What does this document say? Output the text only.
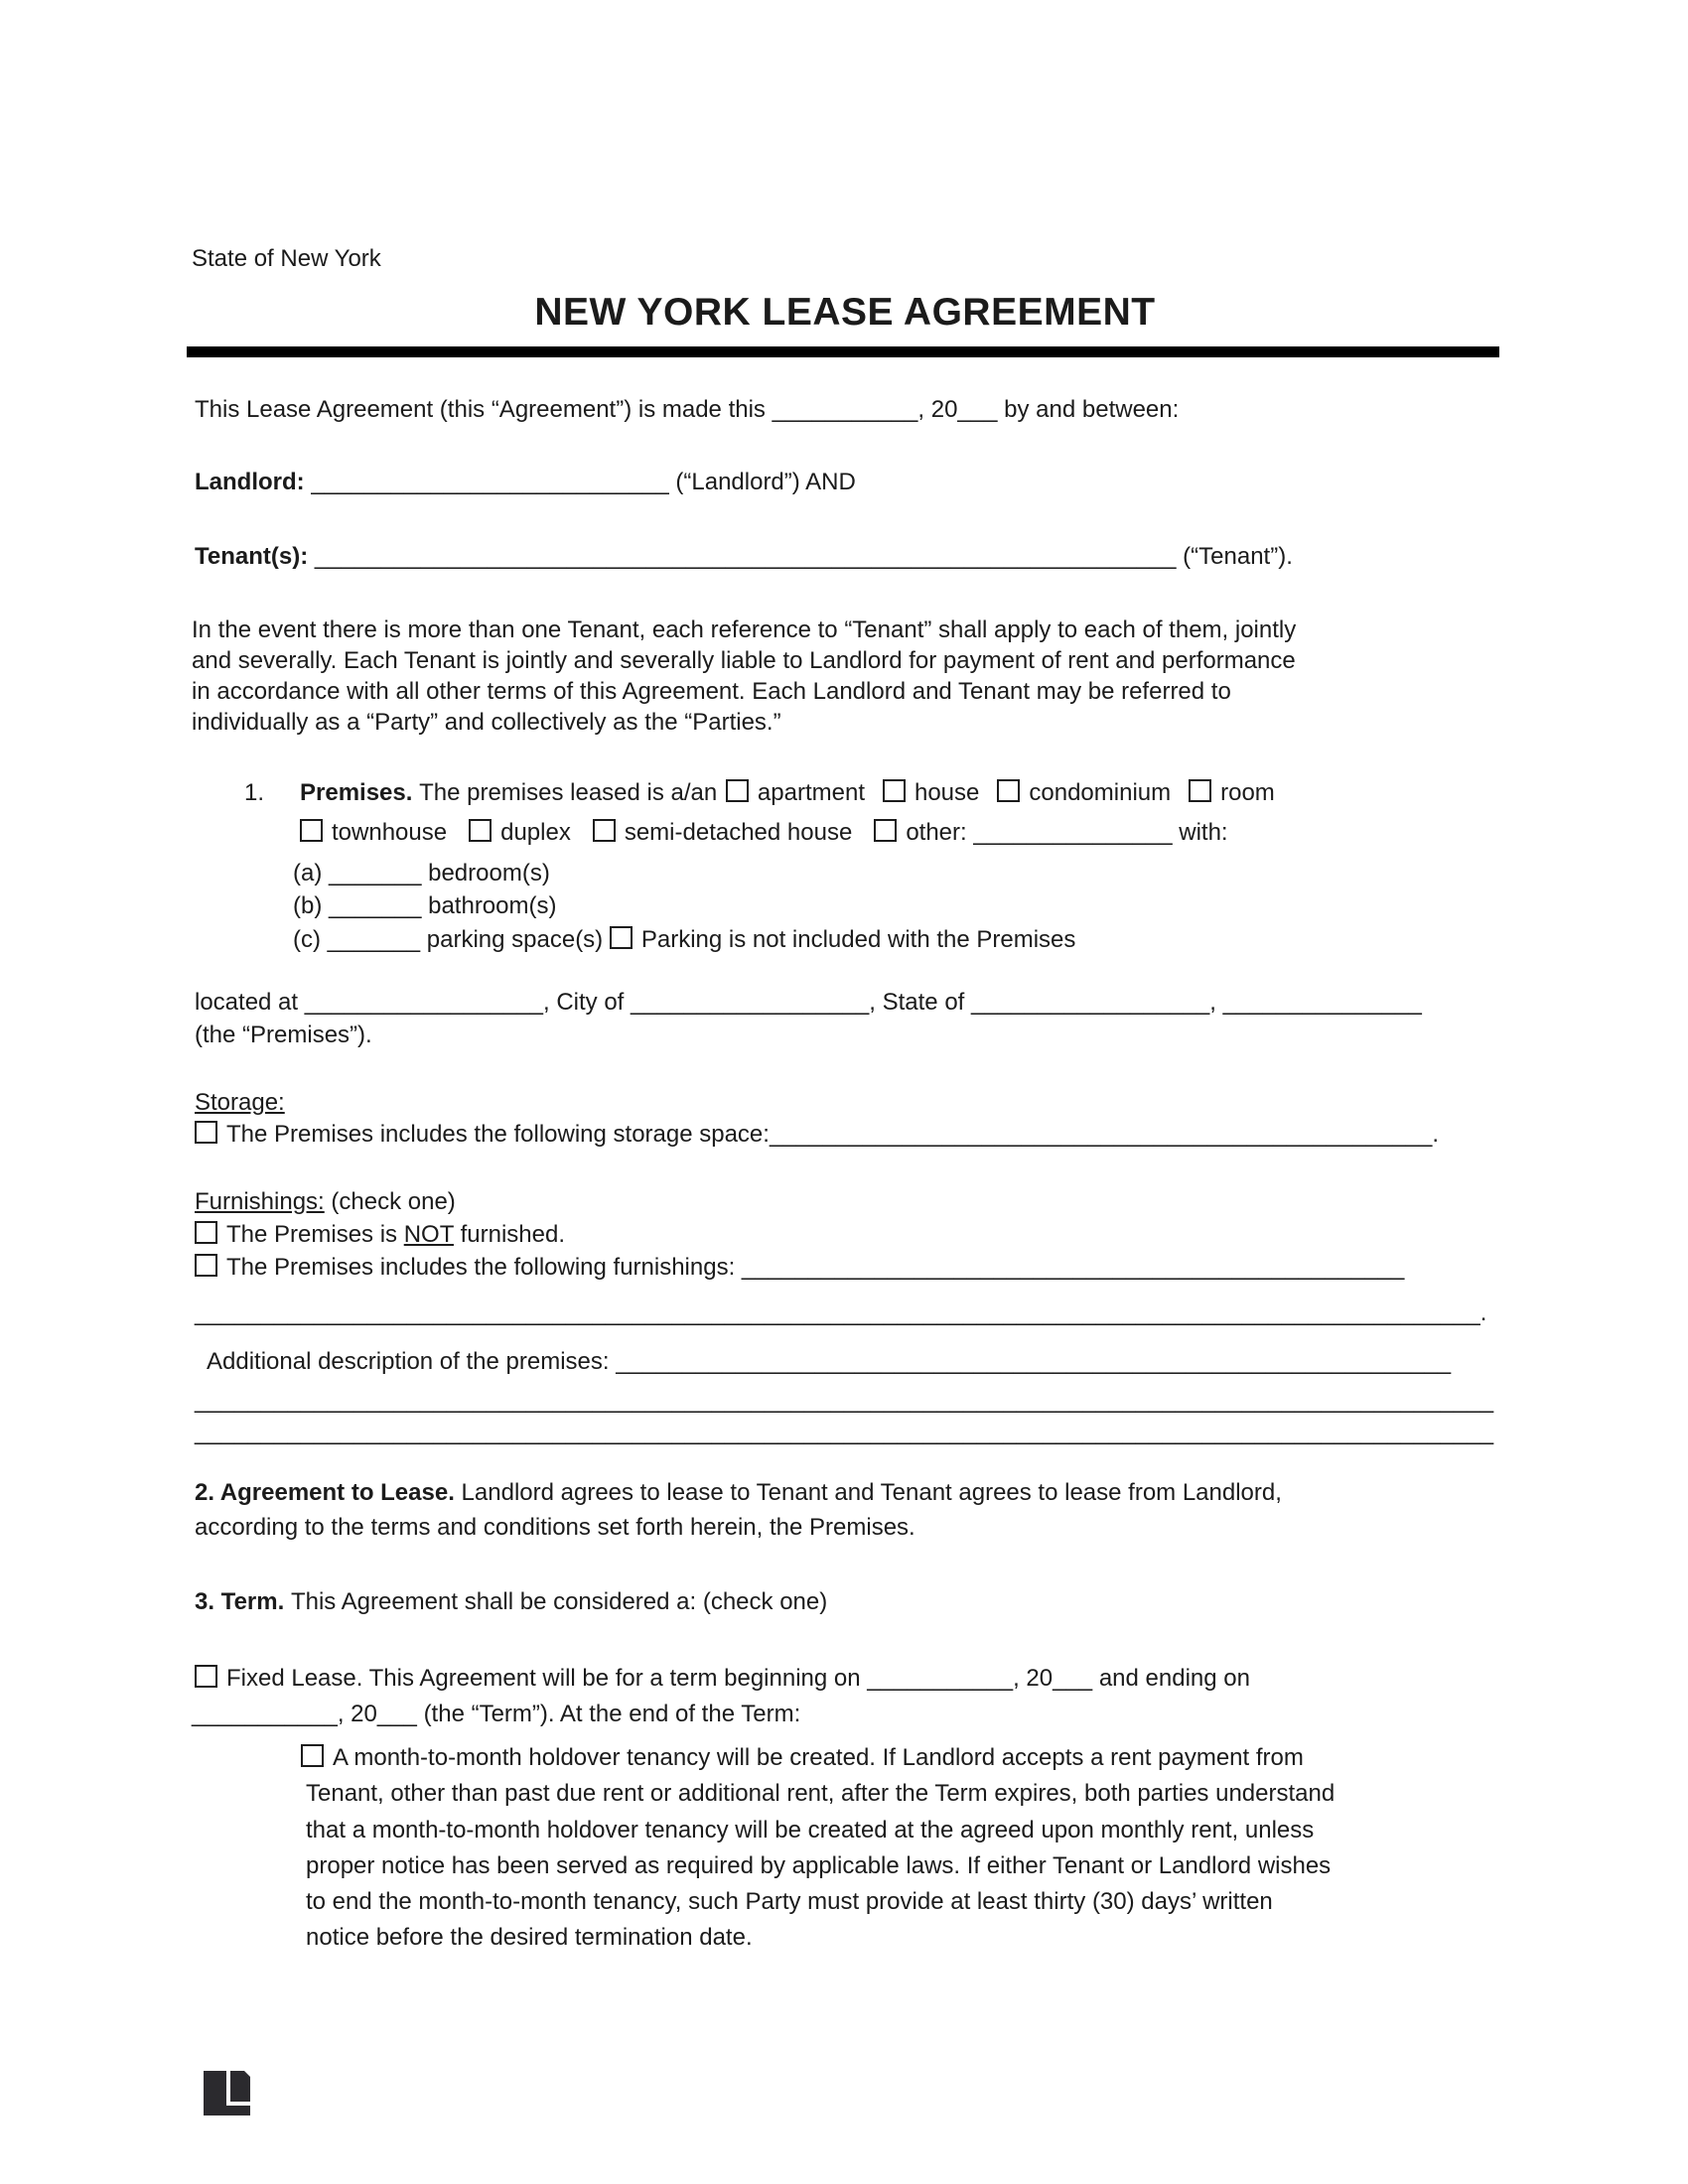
State of New York
NEW YORK LEASE AGREEMENT
This Lease Agreement (this “Agreement”) is made this ___________, 20___ by and between:
Landlord: ___________________________ (“Landlord”) AND
Tenant(s): _________________________________________________________________ (“Tenant”).
In the event there is more than one Tenant, each reference to “Tenant” shall apply to each of them, jointly
and severally. Each Tenant is jointly and severally liable to Landlord for payment of rent and performance
in accordance with all other terms of this Agreement. Each Landlord and Tenant may be referred to
individually as a “Party” and collectively as the “Parties.”
1. Premises. The premises leased is a/an apartment house condominium room
townhouse duplex semi-detached house other: _______________ with:
(a) _______ bedroom(s)
(b) _______ bathroom(s)
(c) _______ parking space(s) Parking is not included with the Premises
located at __________________, City of __________________, State of __________________, _______________
(the “Premises”).
Storage:
The Premises includes the following storage space:__________________________________________________.
Furnishings: (check one)
The Premises is NOT furnished.
The Premises includes the following furnishings: __________________________________________________
_________________________________________________________________________________________________.
Additional description of the premises: _______________________________________________________________
__________________________________________________________________________________________________
__________________________________________________________________________________________________
2. Agreement to Lease. Landlord agrees to lease to Tenant and Tenant agrees to lease from Landlord,
according to the terms and conditions set forth herein, the Premises.
3. Term. This Agreement shall be considered a: (check one)
Fixed Lease. This Agreement will be for a term beginning on ___________, 20___ and ending on
___________, 20___ (the “Term”). At the end of the Term:
A month-to-month holdover tenancy will be created. If Landlord accepts a rent payment from
Tenant, other than past due rent or additional rent, after the Term expires, both parties understand
that a month-to-month holdover tenancy will be created at the agreed upon monthly rent, unless
proper notice has been served as required by applicable laws. If either Tenant or Landlord wishes
to end the month-to-month tenancy, such Party must provide at least thirty (30) days’ written
notice before the desired termination date.
